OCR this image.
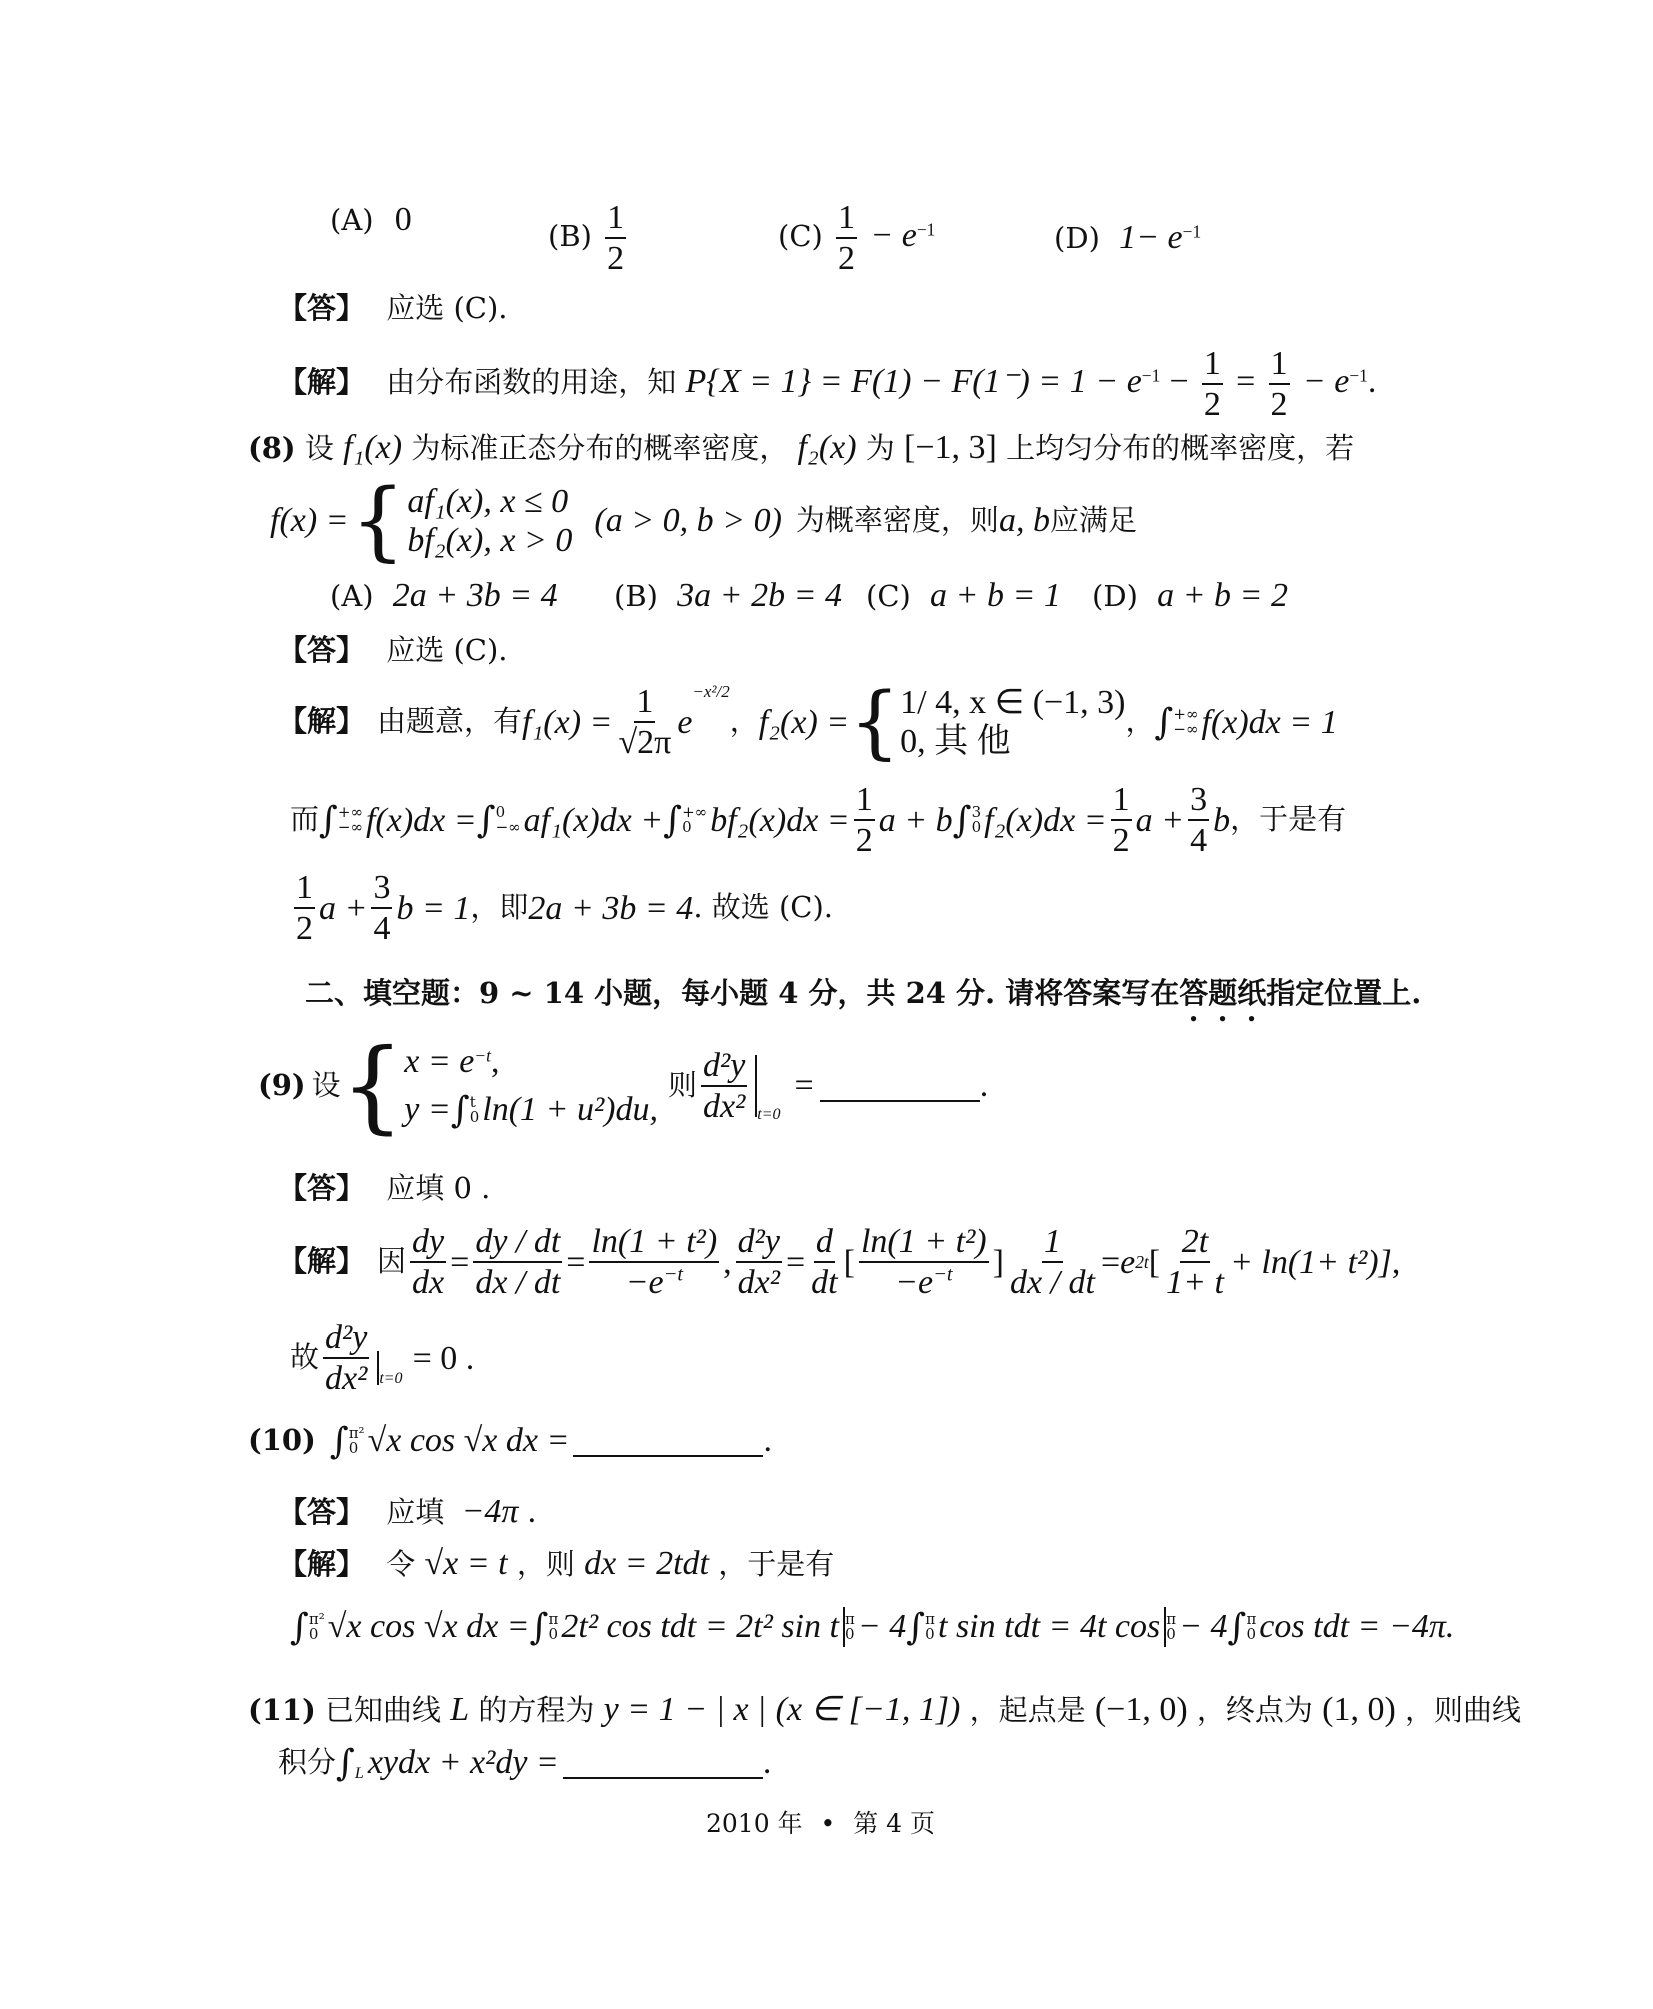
(A) 0	$(B) \frac{1}{2}$	$(C) \frac{1}{2} - e^{-1}$	(D) $1- e^{-1}$
【答】 应选 (C).
【解】 由分布函数的用途，知 $P\{X = 1\} = F(1) - F(1^-) = 1 - e^{-1} - \frac{1}{2} = \frac{1}{2} - e^{-1}$.
(8) 设 f₁(x) 为标准正态分布的概率密度， f₂(x) 为 [−1, 3] 上均匀分布的概率密度，若
f(x) = { af₁(x), x ≤ 0
bf₂(x), x > 0
(a > 0, b > 0) 为概率密度，则 a, b 应满足
(A) 2a + 3b = 4 (B) 3a + 2b = 4 (C) a + b = 1 (D) a + b = 2
【答】 应选 (C).
【解】 由题意，有 $f_1(x) = \frac{1}{√2\pi}$ e
−x²/2
， f₂(x) = { 1/ 4, x ∈ (−1, 3)
0, 其 他
， ∫ +∞
−∞ f(x)dx = 1
而 ∫ +∞
−∞ f(x)dx = ∫ 0
−∞ af₁(x)dx + ∫ +∞
0 $bf_2(x)dx = \frac{1}{2}$ a + b ∫ 3
0 $f_2(x)dx = \frac{1}{2}$ $a + \frac{3}{4}$ b ，于是有
$\frac{1}{2}$ $a + \frac{3}{4}$ b = 1 ，即 2a + 3b = 4 . 故选 (C).
二、填空题：9 ~ 14 小题，每小题 4 分，共 24 分. 请将答案写在答题纸指定位置上.
(9) 设 { $x = e^{-t}$,
y = ∫ t
0 ln(1 + u²)du,
则 $\frac{\text{d²y}}{\text{dx²}} t=0$
=	.
【答】 应填 0 .
【解】 因 $\frac{dy}{dx} = \frac{dy / dt}{dx / dt} = \frac{\text{ln(1 + t²)}}{-e^{-t}}$ , $\frac{\text{d²y}}{\text{dx²}} = \frac{d}{dt}$ [ $\frac{\text{ln(1 + t²)}}{-e^{-t}}$ ] $\frac{1}{dx / dt} = e$ 2t [ $\frac{2t}{1+ t} + \ln(1+ t^2)$] ,
故 $\frac{\text{d²y}}{\text{dx²}} t=0$
= 0 .
(10) ∫ π²
0 √x cos √x dx =	.
【答】 应填 −4π .
【解】 令 √x = t ，则 dx = 2tdt ，于是有
∫ π²
0 √x cos √x dx = ∫ π
0 2t² cos tdt = 2t² sin t π
0 − 4 ∫ π
0 t sin tdt = 4t cos π
0 − 4 ∫ π
0 cos tdt = −4π.
(11) 已知曲线 L 的方程为 y = 1 − | x | (x ∈ [−1, 1]) ，起点是 (−1, 0) ，终点为 (1, 0) ，则曲线
积分 ∫ L xydx + x²dy =	.
2010 年 • 第 4 页
